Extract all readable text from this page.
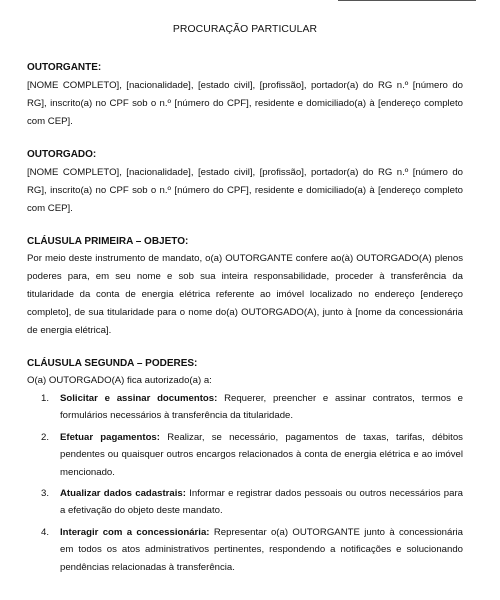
PROCURAÇÃO PARTICULAR
OUTORGANTE:

[NOME COMPLETO], [nacionalidade], [estado civil], [profissão], portador(a) do RG n.º [número do RG], inscrito(a) no CPF sob o n.º [número do CPF], residente e domiciliado(a) à [endereço completo com CEP].

OUTORGADO:

[NOME COMPLETO], [nacionalidade], [estado civil], [profissão], portador(a) do RG n.º [número do RG], inscrito(a) no CPF sob o n.º [número do CPF], residente e domiciliado(a) à [endereço completo com CEP].

CLÁUSULA PRIMEIRA – OBJETO:

Por meio deste instrumento de mandato, o(a) OUTORGANTE confere ao(à) OUTORGADO(A) plenos poderes para, em seu nome e sob sua inteira responsabilidade, proceder à transferência da titularidade da conta de energia elétrica referente ao imóvel localizado no endereço [endereço completo], de sua titularidade para o nome do(a) OUTORGADO(A), junto à [nome da concessionária de energia elétrica].

CLÁUSULA SEGUNDA – PODERES:

O(a) OUTORGADO(A) fica autorizado(a) a:

1. Solicitar e assinar documentos: Requerer, preencher e assinar contratos, termos e formulários necessários à transferência da titularidade.
2. Efetuar pagamentos: Realizar, se necessário, pagamentos de taxas, tarifas, débitos pendentes ou quaisquer outros encargos relacionados à conta de energia elétrica e ao imóvel mencionado.
3. Atualizar dados cadastrais: Informar e registrar dados pessoais ou outros necessários para a efetivação do objeto deste mandato.
4. Interagir com a concessionária: Representar o(a) OUTORGANTE junto à concessionária em todos os atos administrativos pertinentes, respondendo a notificações e solucionando pendências relacionadas à transferência.
